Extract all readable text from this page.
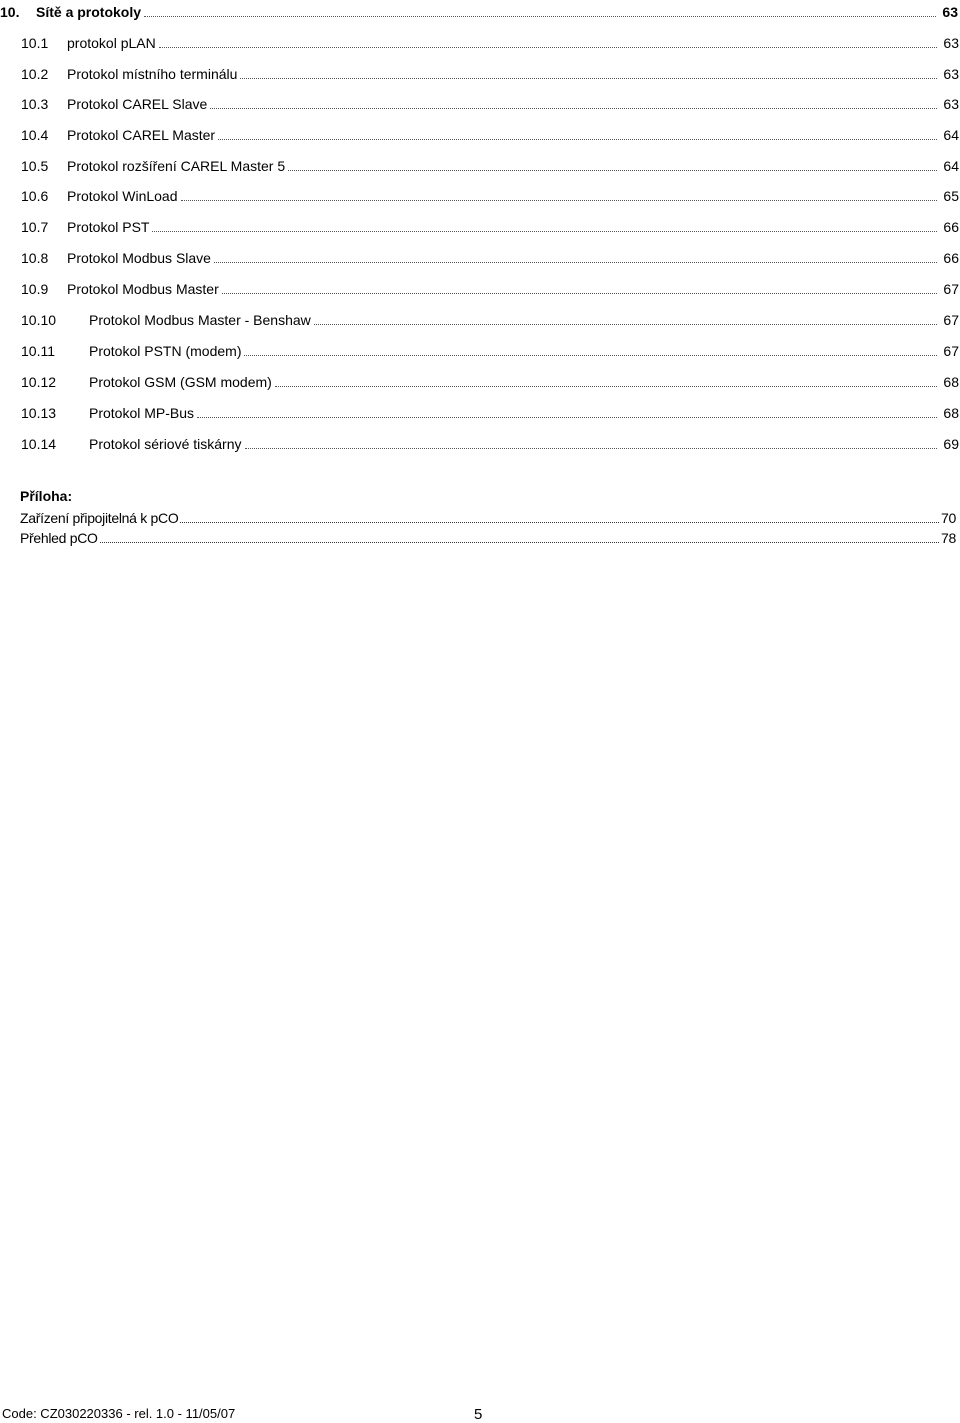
10.	Sítě a protokoly	63
10.1	protokol pLAN	63
10.2	Protokol místního terminálu	63
10.3	Protokol CAREL Slave	63
10.4	Protokol CAREL Master	64
10.5	Protokol rozšíření CAREL Master 5	64
10.6	Protokol WinLoad	65
10.7	Protokol PST	66
10.8	Protokol Modbus Slave	66
10.9	Protokol Modbus Master	67
10.10	Protokol Modbus Master - Benshaw	67
10.11	Protokol PSTN (modem)	67
10.12	Protokol GSM (GSM modem)	68
10.13	Protokol MP-Bus	68
10.14	Protokol sériové tiskárny	69
Příloha:
Zařízení připojitelná k pCO	70
Přehled pCO	78
Code: CZ030220336 - rel. 1.0 - 11/05/07	5
